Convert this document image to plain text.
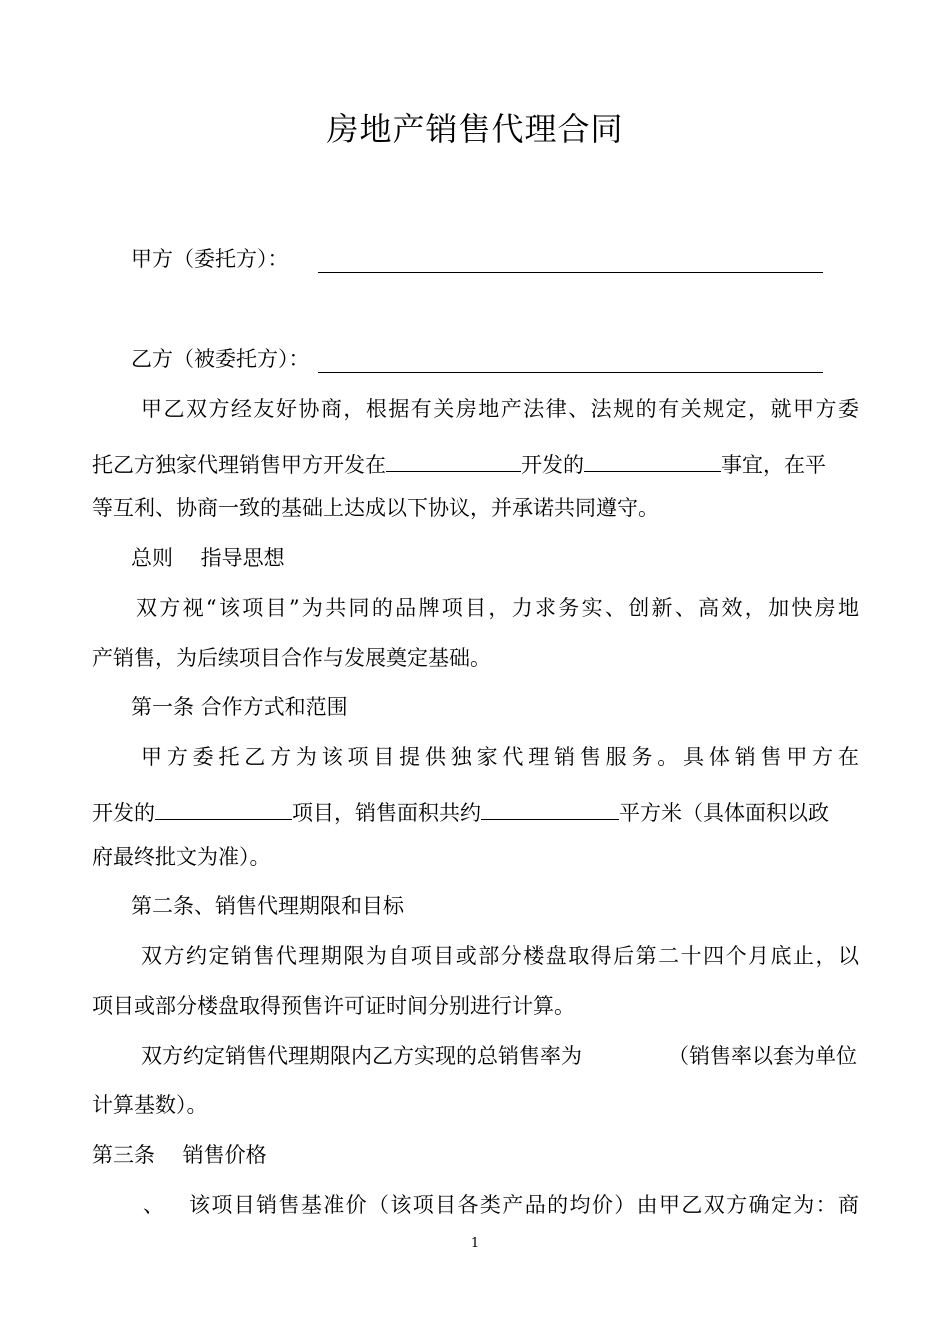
房地产销售代理合同
甲方（委托方）：
乙方（被委托方）：
甲乙双方经友好协商，根据有关房地产法律、法规的有关规定，就甲方委
托乙方独家代理销售甲方开发在	开发的	事宜，在平
等互利、协商一致的基础上达成以下协议，并承诺共同遵守。
总则　 指导思想
双方视“该项目”为共同的品牌项目，力求务实、创新、高效，加快房地
产销售，为后续项目合作与发展奠定基础。
第一条 合作方式和范围
甲方委托乙方为该项目提供独家代理销售服务。具体销售甲方在
开发的	项目，销售面积共约	平方米（具体面积以政
府最终批文为准）。
第二条、销售代理期限和目标
双方约定销售代理期限为自项目或部分楼盘取得后第二十四个月底止，以
项目或部分楼盘取得预售许可证时间分别进行计算。
双方约定销售代理期限内乙方实现的总销售率为	（销售率以套为单位
计算基数）。
第三条　 销售价格
、 该项目销售基准价（该项目各类产品的均价）由甲乙双方确定为：商
1
